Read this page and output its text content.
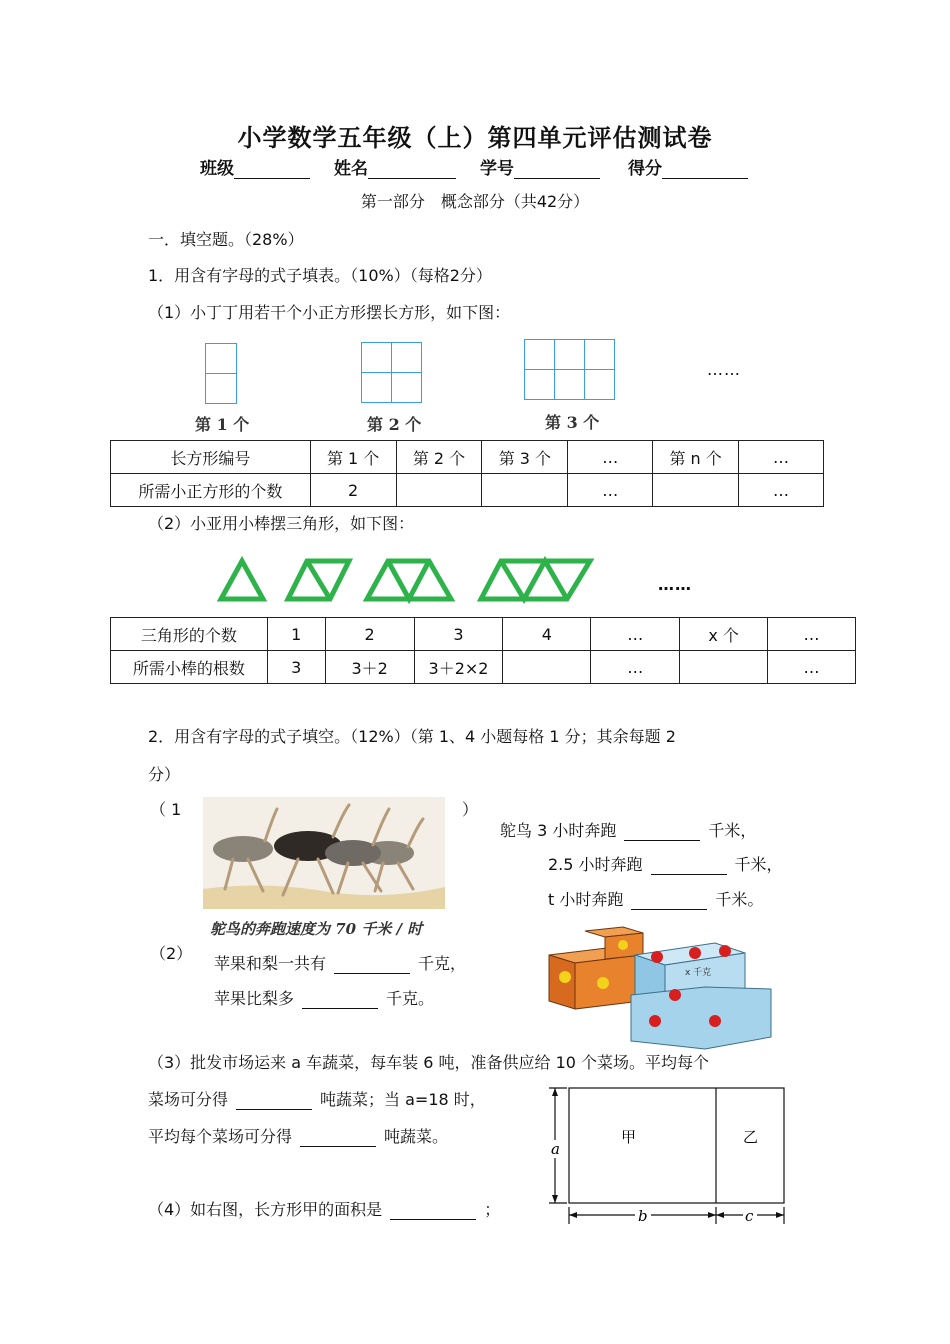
小学数学五年级（上）第四单元评估测试卷
班级	姓名	学号	得分
第一部分　概念部分（共42分）
一．填空题。（28%）
1．用含有字母的式子填表。（10%）（每格2分）
（1）小丁丁用若干个小正方形摆长方形，如下图：
第 1 个	第 2 个	第 3 个
……
长方形编号	第 1 个	第 2 个	第 3 个	…	第 n 个	…
所需小正方形的个数	2			…		…
（2）小亚用小棒摆三角形，如下图：
……
三角形的个数	1	2	3	4	…	x 个	…
所需小棒的根数	3	3＋2	3＋2×2		…		…
2．用含有字母的式子填空。（12%）（第 1、4 小题每格 1 分；其余每题 2
分）
（ 1	）
鸵鸟的奔跑速度为 70 千米 / 时
鸵鸟 3 小时奔跑	千米，
2.5 小时奔跑	千米，
t 小时奔跑	千米。
（2）
苹果和梨一共有	千克，
苹果比梨多	千克。
x 千克
（3）批发市场运来 a 车蔬菜，每车装 6 吨，准备供应给 10 个菜场。平均每个
菜场可分得	吨蔬菜；当 a=18 时，
平均每个菜场可分得	吨蔬菜。
（4）如右图，长方形甲的面积是	；
a
b	c
甲	乙
